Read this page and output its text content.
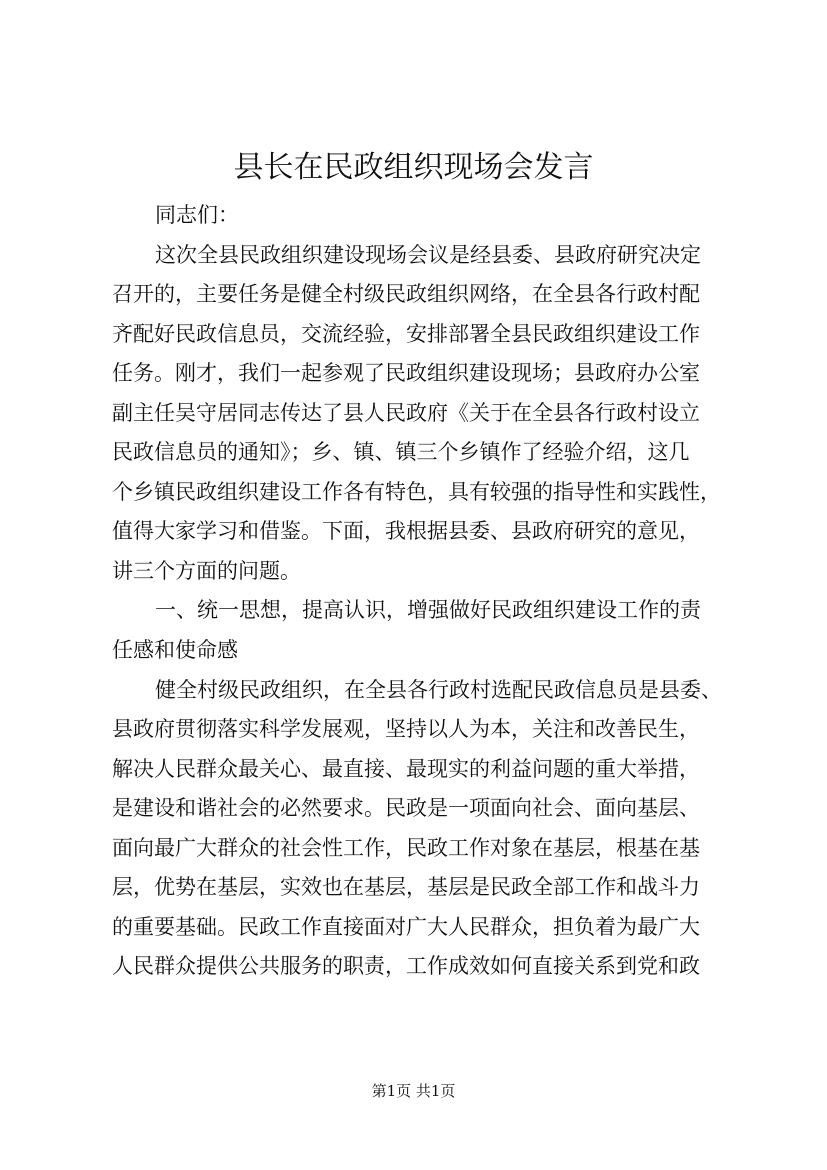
县长在民政组织现场会发言
同志们：
这次全县民政组织建设现场会议是经县委、县政府研究决定
召开的，主要任务是健全村级民政组织网络，在全县各行政村配
齐配好民政信息员，交流经验，安排部署全县民政组织建设工作
任务。刚才，我们一起参观了民政组织建设现场；县政府办公室
副主任吴守居同志传达了县人民政府《关于在全县各行政村设立
民政信息员的通知》；乡、镇、镇三个乡镇作了经验介绍，这几
个乡镇民政组织建设工作各有特色，具有较强的指导性和实践性，
值得大家学习和借鉴。下面，我根据县委、县政府研究的意见，
讲三个方面的问题。
一、统一思想，提高认识，增强做好民政组织建设工作的责
任感和使命感
健全村级民政组织，在全县各行政村选配民政信息员是县委、
县政府贯彻落实科学发展观，坚持以人为本，关注和改善民生，
解决人民群众最关心、最直接、最现实的利益问题的重大举措，
是建设和谐社会的必然要求。民政是一项面向社会、面向基层、
面向最广大群众的社会性工作，民政工作对象在基层，根基在基
层，优势在基层，实效也在基层，基层是民政全部工作和战斗力
的重要基础。民政工作直接面对广大人民群众，担负着为最广大
人民群众提供公共服务的职责，工作成效如何直接关系到党和政
第1页 共1页
